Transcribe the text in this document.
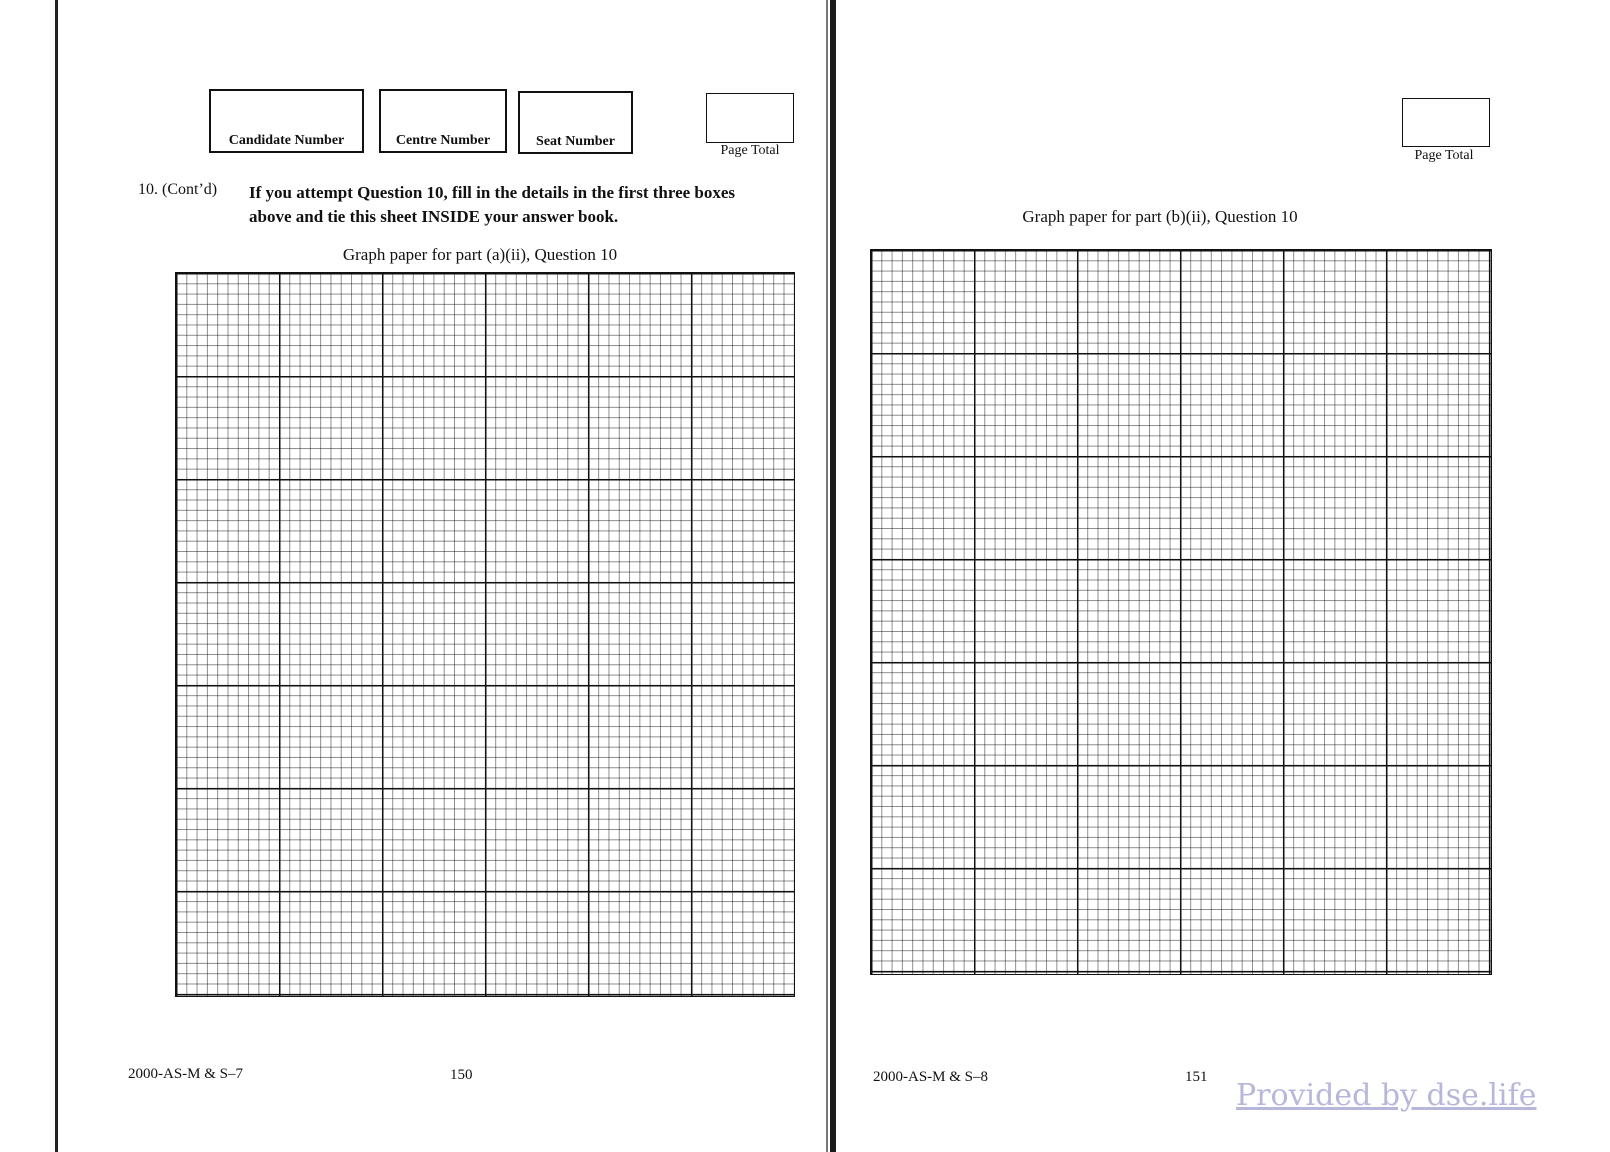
Candidate Number	Centre Number	Seat Number
Page Total
10. (Cont’d) If you attempt Question 10, fill in the details in the first three boxes
above and tie this sheet INSIDE your answer book.
Graph paper for part (a)(ii), Question 10
2000-AS-M & S–7	150
Page Total
Graph paper for part (b)(ii), Question 10
2000-AS-M & S–8	151
Provided by dse.life
